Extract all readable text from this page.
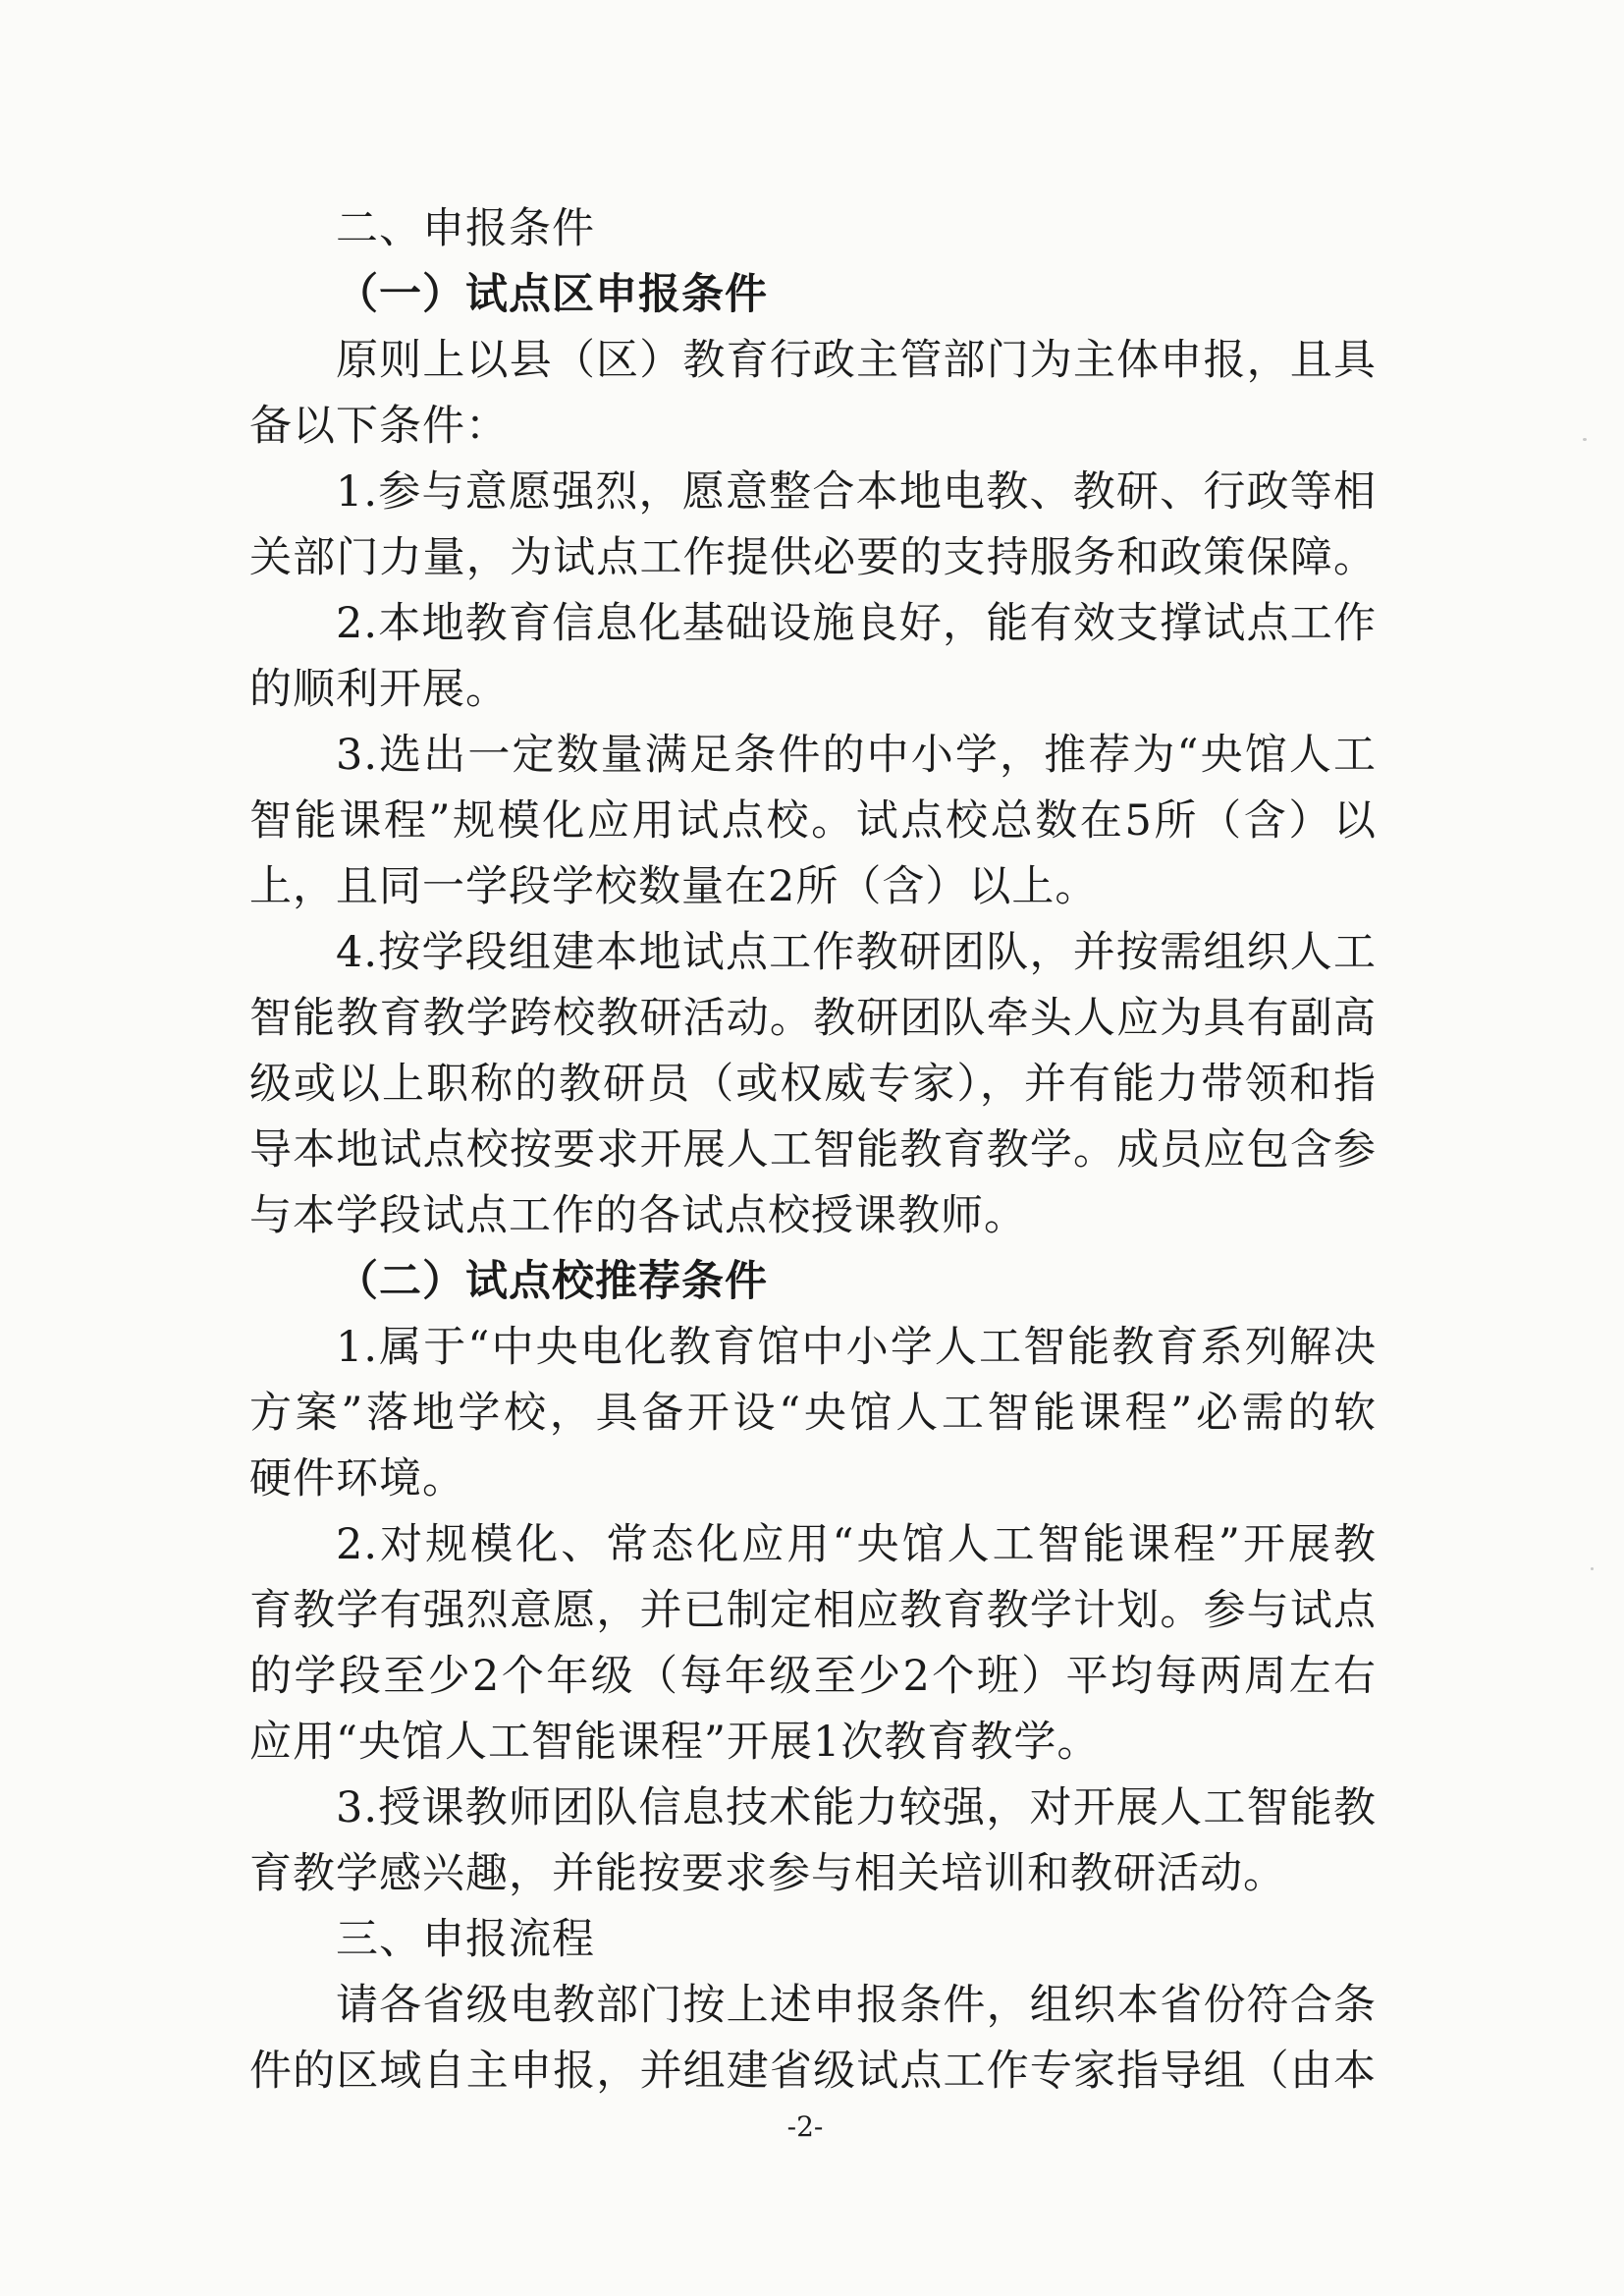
二、申报条件
（一）试点区申报条件
原则上以县（区）教育行政主管部门为主体申报，且具
备以下条件：
1.参与意愿强烈，愿意整合本地电教、教研、行政等相
关部门力量，为试点工作提供必要的支持服务和政策保障。
2.本地教育信息化基础设施良好，能有效支撑试点工作
的顺利开展。
3.选出一定数量满足条件的中小学，推荐为“央馆人工
智能课程”规模化应用试点校。试点校总数在5所（含）以
上，且同一学段学校数量在2所（含）以上。
4.按学段组建本地试点工作教研团队，并按需组织人工
智能教育教学跨校教研活动。教研团队牵头人应为具有副高
级或以上职称的教研员（或权威专家），并有能力带领和指
导本地试点校按要求开展人工智能教育教学。成员应包含参
与本学段试点工作的各试点校授课教师。
（二）试点校推荐条件
1.属于“中央电化教育馆中小学人工智能教育系列解决
方案”落地学校，具备开设“央馆人工智能课程”必需的软
硬件环境。
2.对规模化、常态化应用“央馆人工智能课程”开展教
育教学有强烈意愿，并已制定相应教育教学计划。参与试点
的学段至少2个年级（每年级至少2个班）平均每两周左右
应用“央馆人工智能课程”开展1次教育教学。
3.授课教师团队信息技术能力较强，对开展人工智能教
育教学感兴趣，并能按要求参与相关培训和教研活动。
三、申报流程
请各省级电教部门按上述申报条件，组织本省份符合条
件的区域自主申报，并组建省级试点工作专家指导组（由本
-2-
